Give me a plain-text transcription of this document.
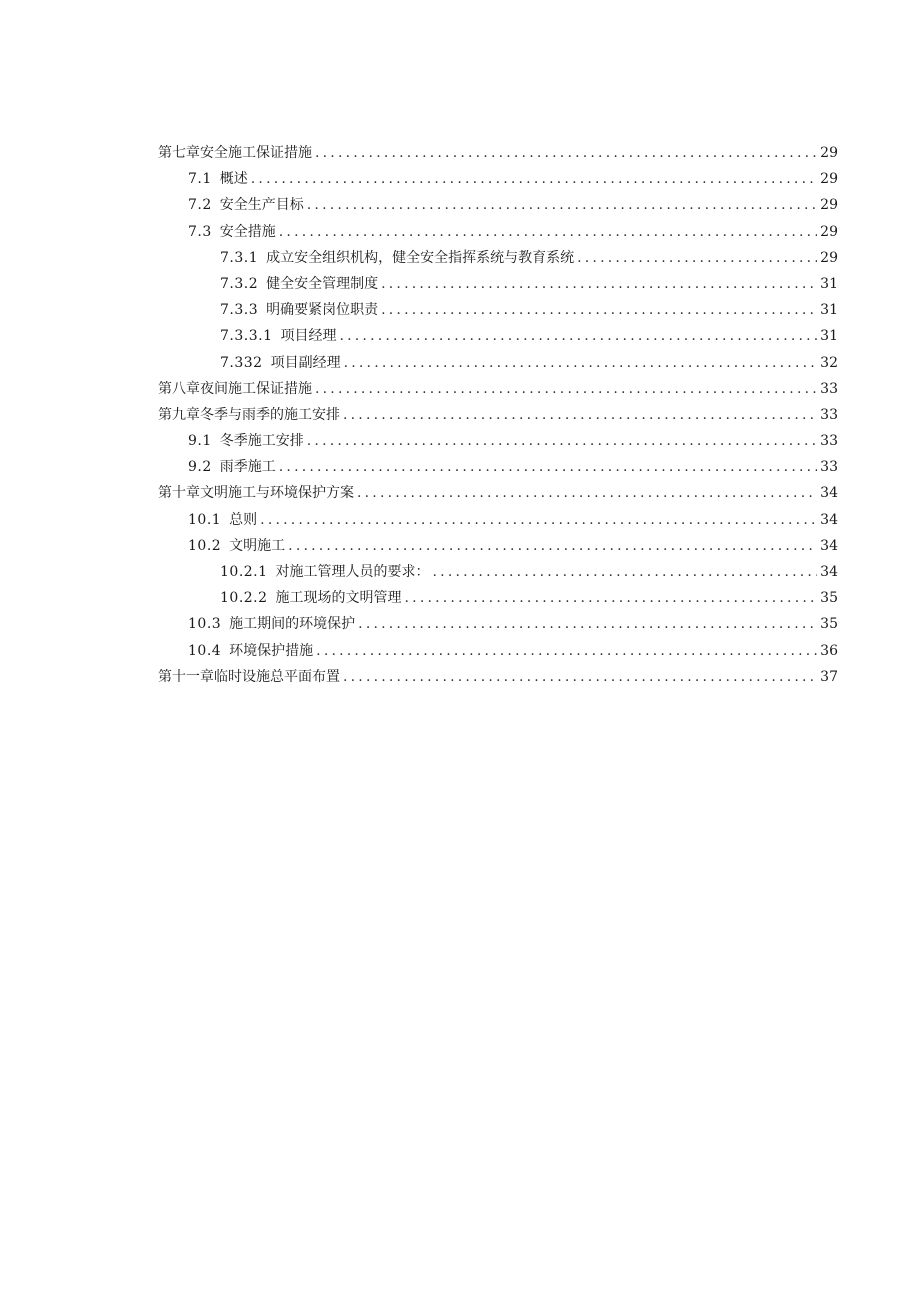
第七章安全施工保证措施 .....	29
7.1 概述 .....	29
7.2 安全生产目标 .....	29
7.3 安全措施 .....	29
7.3.1 成立安全组织机构，健全安全指挥系统与教育系统 .....	29
7.3.2 健全安全管理制度 .....	31
7.3.3 明确要紧岗位职责 .....	31
7.3.3.1 项目经理 .....	31
7.332 项目副经理 .....	32
第八章夜间施工保证措施 .....	33
第九章冬季与雨季的施工安排 .....	33
9.1 冬季施工安排 .....	33
9.2 雨季施工 .....	33
第十章文明施工与环境保护方案 .....	34
10.1 总则 .....	34
10.2 文明施工 .....	34
10.2.1 对施工管理人员的要求： .....	34
10.2.2 施工现场的文明管理 .....	35
10.3 施工期间的环境保护 .....	35
10.4 环境保护措施 .....	36
第十一章临时设施总平面布置 .....	37
